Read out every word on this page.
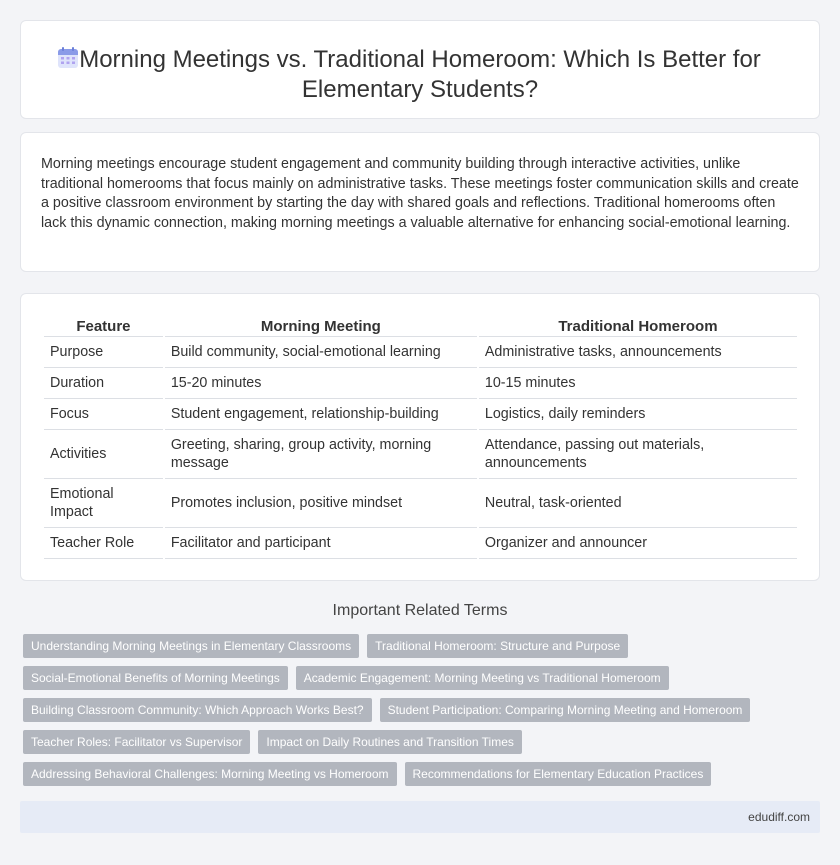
Morning Meetings vs. Traditional Homeroom: Which Is Better for Elementary Students?

Morning meetings encourage student engagement and community building through interactive activities, unlike traditional homerooms that focus mainly on administrative tasks. These meetings foster communication skills and create a positive classroom environment by starting the day with shared goals and reflections. Traditional homerooms often lack this dynamic connection, making morning meetings a valuable alternative for enhancing social-emotional learning.

Feature	Morning Meeting	Traditional Homeroom
Purpose	Build community, social-emotional learning	Administrative tasks, announcements
Duration	15-20 minutes	10-15 minutes
Focus	Student engagement, relationship-building	Logistics, daily reminders
Activities	Greeting, sharing, group activity, morning message	Attendance, passing out materials, announcements
Emotional Impact	Promotes inclusion, positive mindset	Neutral, task-oriented
Teacher Role	Facilitator and participant	Organizer and announcer
Important Related Terms
Understanding Morning Meetings in Elementary Classrooms	Traditional Homeroom: Structure and Purpose
Social-Emotional Benefits of Morning Meetings	Academic Engagement: Morning Meeting vs Traditional Homeroom
Building Classroom Community: Which Approach Works Best?	Student Participation: Comparing Morning Meeting and Homeroom
Teacher Roles: Facilitator vs Supervisor	Impact on Daily Routines and Transition Times
Addressing Behavioral Challenges: Morning Meeting vs Homeroom	Recommendations for Elementary Education Practices
edudiff.com
